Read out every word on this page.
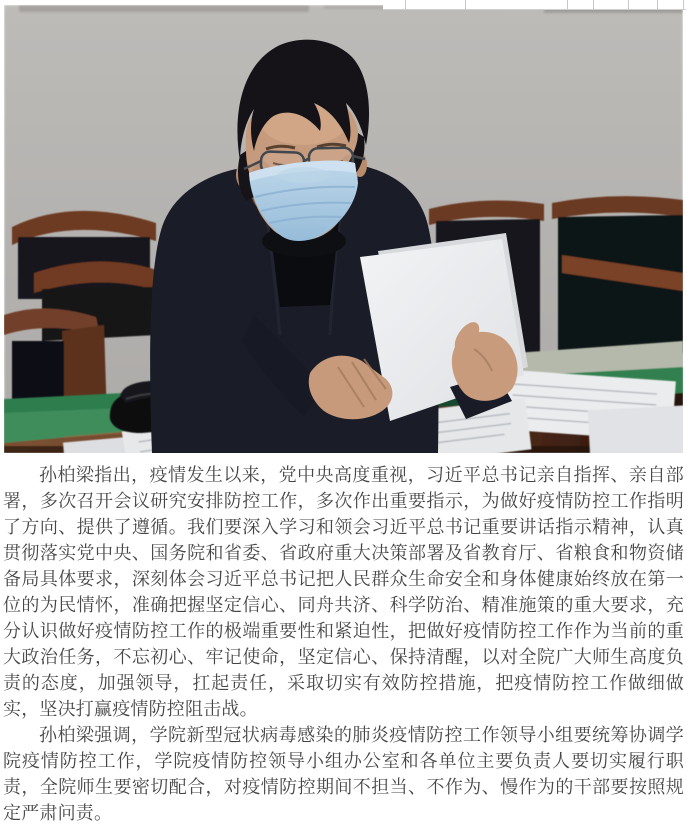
孙柏梁指出，疫情发生以来，党中央高度重视，习近平总书记亲自指挥、亲自部署，多次召开会议研究安排防控工作，多次作出重要指示，为做好疫情防控工作指明了方向、提供了遵循。我们要深入学习和领会习近平总书记重要讲话指示精神，认真贯彻落实党中央、国务院和省委、省政府重大决策部署及省教育厅、省粮食和物资储备局具体要求，深刻体会习近平总书记把人民群众生命安全和身体健康始终放在第一位的为民情怀，准确把握坚定信心、同舟共济、科学防治、精准施策的重大要求，充分认识做好疫情防控工作的极端重要性和紧迫性，把做好疫情防控工作作为当前的重大政治任务，不忘初心、牢记使命，坚定信心、保持清醒，以对全院广大师生高度负责的态度，加强领导，扛起责任，采取切实有效防控措施，把疫情防控工作做细做实，坚决打赢疫情防控阻击战。

孙柏梁强调，学院新型冠状病毒感染的肺炎疫情防控工作领导小组要统筹协调学院疫情防控工作，学院疫情防控领导小组办公室和各单位主要负责人要切实履行职责，全院师生要密切配合，对疫情防控期间不担当、不作为、慢作为的干部要按照规定严肃问责。
